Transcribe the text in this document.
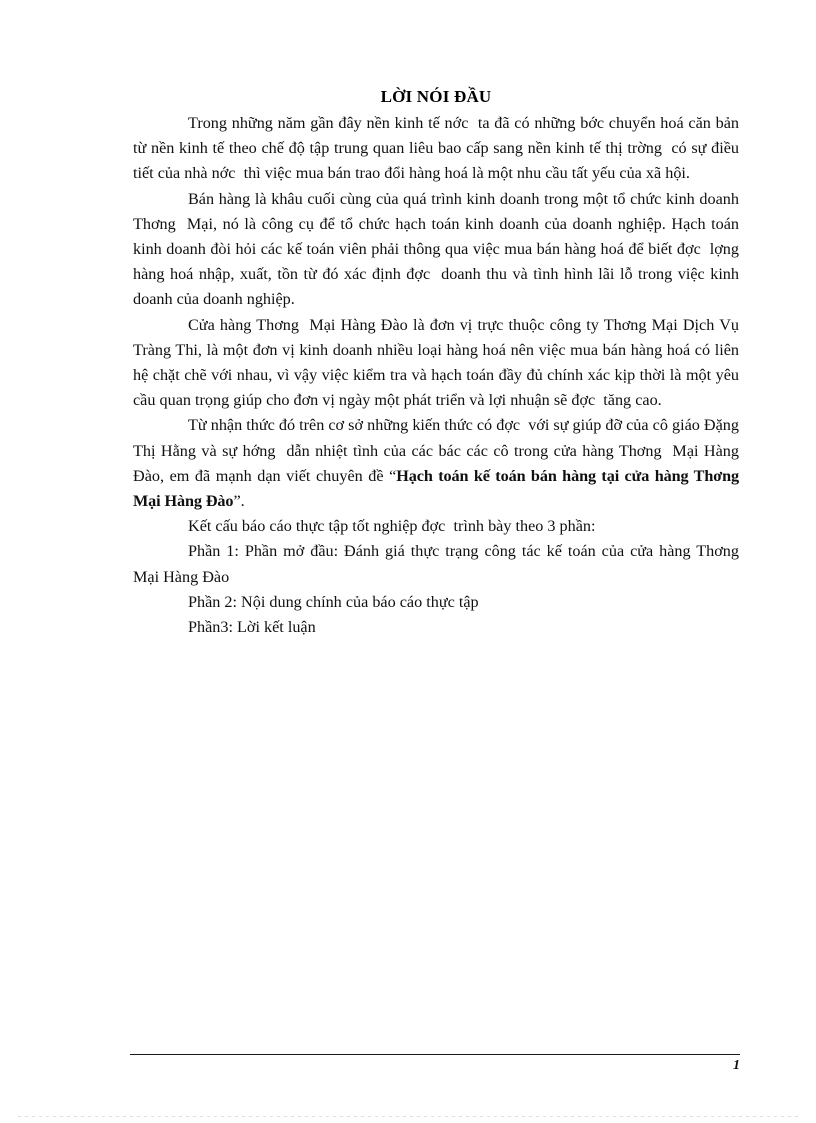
LỜI NÓI ĐẦU

Trong những năm gần đây nền kinh tế nớc  ta đã có những bớc chuyển hoá căn bản từ nền kinh tế theo chế độ tập trung quan liêu bao cấp sang nền kinh tế thị trờng  có sự điều tiết của nhà nớc  thì việc mua bán trao đổi hàng hoá là một nhu cầu tất yếu của xã hội.

Bán hàng là khâu cuối cùng của quá trình kinh doanh trong một tổ chức kinh doanh Thơng  Mại, nó là công cụ để tổ chức hạch toán kinh doanh của doanh nghiệp. Hạch toán kinh doanh đòi hỏi các kế toán viên phải thông qua việc mua bán hàng hoá để biết đợc  lợng  hàng hoá nhập, xuất, tồn từ đó xác định đợc  doanh thu và tình hình lãi lỗ trong việc kinh doanh của doanh nghiệp.

Cửa hàng Thơng  Mại Hàng Đào là đơn vị trực thuộc công ty Thơng Mại Dịch Vụ Tràng Thi, là một đơn vị kinh doanh nhiều loại hàng hoá nên việc mua bán hàng hoá có liên hệ chặt chẽ với nhau, vì vậy việc kiểm tra và hạch toán đầy đủ chính xác kịp thời là một yêu cầu quan trọng giúp cho đơn vị ngày một phát triển và lợi nhuận sẽ đợc  tăng cao.

Từ nhận thức đó trên cơ sở những kiến thức có đợc  với sự giúp đỡ của cô giáo Đặng Thị Hằng và sự hớng  dẫn nhiệt tình của các bác các cô trong cửa hàng Thơng  Mại Hàng Đào, em đã mạnh dạn viết chuyên đề “Hạch toán kế toán bán hàng tại cửa hàng Thơng   Mại Hàng Đào”.

Kết cấu báo cáo thực tập tốt nghiệp đợc  trình bày theo 3 phần:

Phần 1: Phần mở đầu: Đánh giá thực trạng công tác kế toán của cửa hàng Thơng  Mại Hàng Đào

Phần 2: Nội dung chính của báo cáo thực tập

Phần3: Lời kết luận

1
